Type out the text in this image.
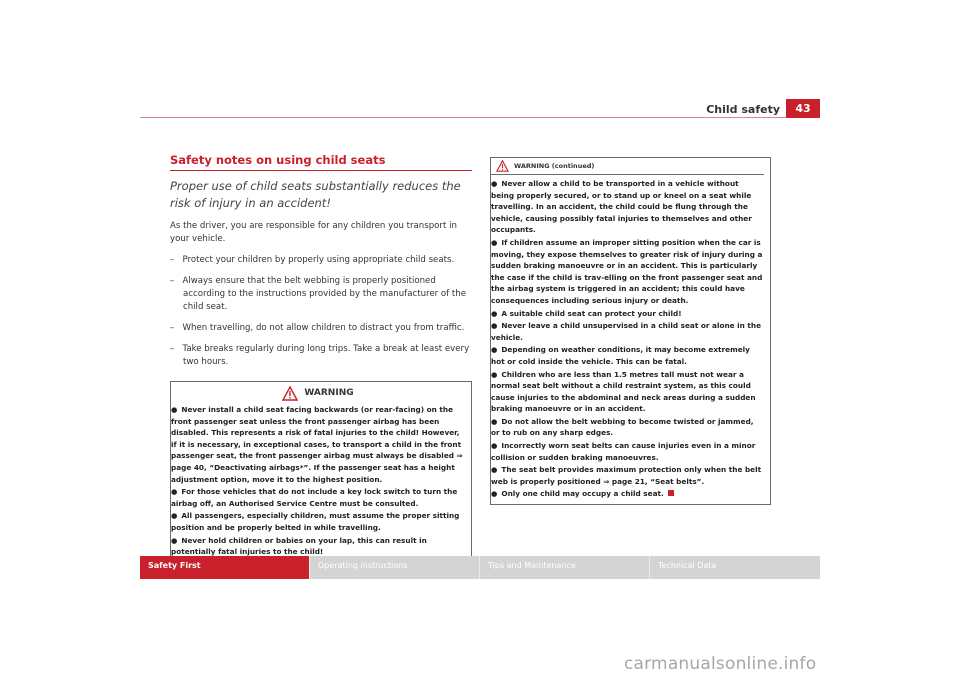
Child safety	43
Safety notes on using child seats

Proper use of child seats substantially reduces the risk of injury in an accident!

As the driver, you are responsible for any children you transport in your vehicle.

– Protect your children by properly using appropriate child seats.
– Always ensure that the belt webbing is properly positioned according to the instructions provided by the manufacturer of the child seat.
– When travelling, do not allow children to distract you from traffic.
– Take breaks regularly during long trips. Take a break at least every two hours.
WARNING

● Never install a child seat facing backwards (or rear-facing) on the front passenger seat unless the front passenger airbag has been disabled. This represents a risk of fatal injuries to the child! However, if it is necessary, in exceptional cases, to transport a child in the front passenger seat, the front passenger airbag must always be disabled ⇒ page 40, “Deactivating airbags*”. If the passenger seat has a height adjustment option, move it to the highest position.

● For those vehicles that do not include a key lock switch to turn the airbag off, an Authorised Service Centre must be consulted.

● All passengers, especially children, must assume the proper sitting position and be properly belted in while travelling.

● Never hold children or babies on your lap, this can result in potentially fatal injuries to the child!

WARNING (continued)

● Never allow a child to be transported in a vehicle without being properly secured, or to stand up or kneel on a seat while travelling. In an accident, the child could be flung through the vehicle, causing possibly fatal injuries to themselves and other occupants.

● If children assume an improper sitting position when the car is moving, they expose themselves to greater risk of injury during a sudden braking manoeuvre or in an accident. This is particularly the case if the child is trav-elling on the front passenger seat and the airbag system is triggered in an accident; this could have consequences including serious injury or death.

● A suitable child seat can protect your child!

● Never leave a child unsupervised in a child seat or alone in the vehicle.

● Depending on weather conditions, it may become extremely hot or cold inside the vehicle. This can be fatal.

● Children who are less than 1.5 metres tall must not wear a normal seat belt without a child restraint system, as this could cause injuries to the abdominal and neck areas during a sudden braking manoeuvre or in an accident.

● Do not allow the belt webbing to become twisted or jammed, or to rub on any sharp edges.

● Incorrectly worn seat belts can cause injuries even in a minor collision or sudden braking manoeuvres.

● The seat belt provides maximum protection only when the belt web is properly positioned ⇒ page 21, “Seat belts”.

● Only one child may occupy a child seat.

Safety First	Operating instructions	Tips and Maintenance	Technical Data
carmanualsonline.info
